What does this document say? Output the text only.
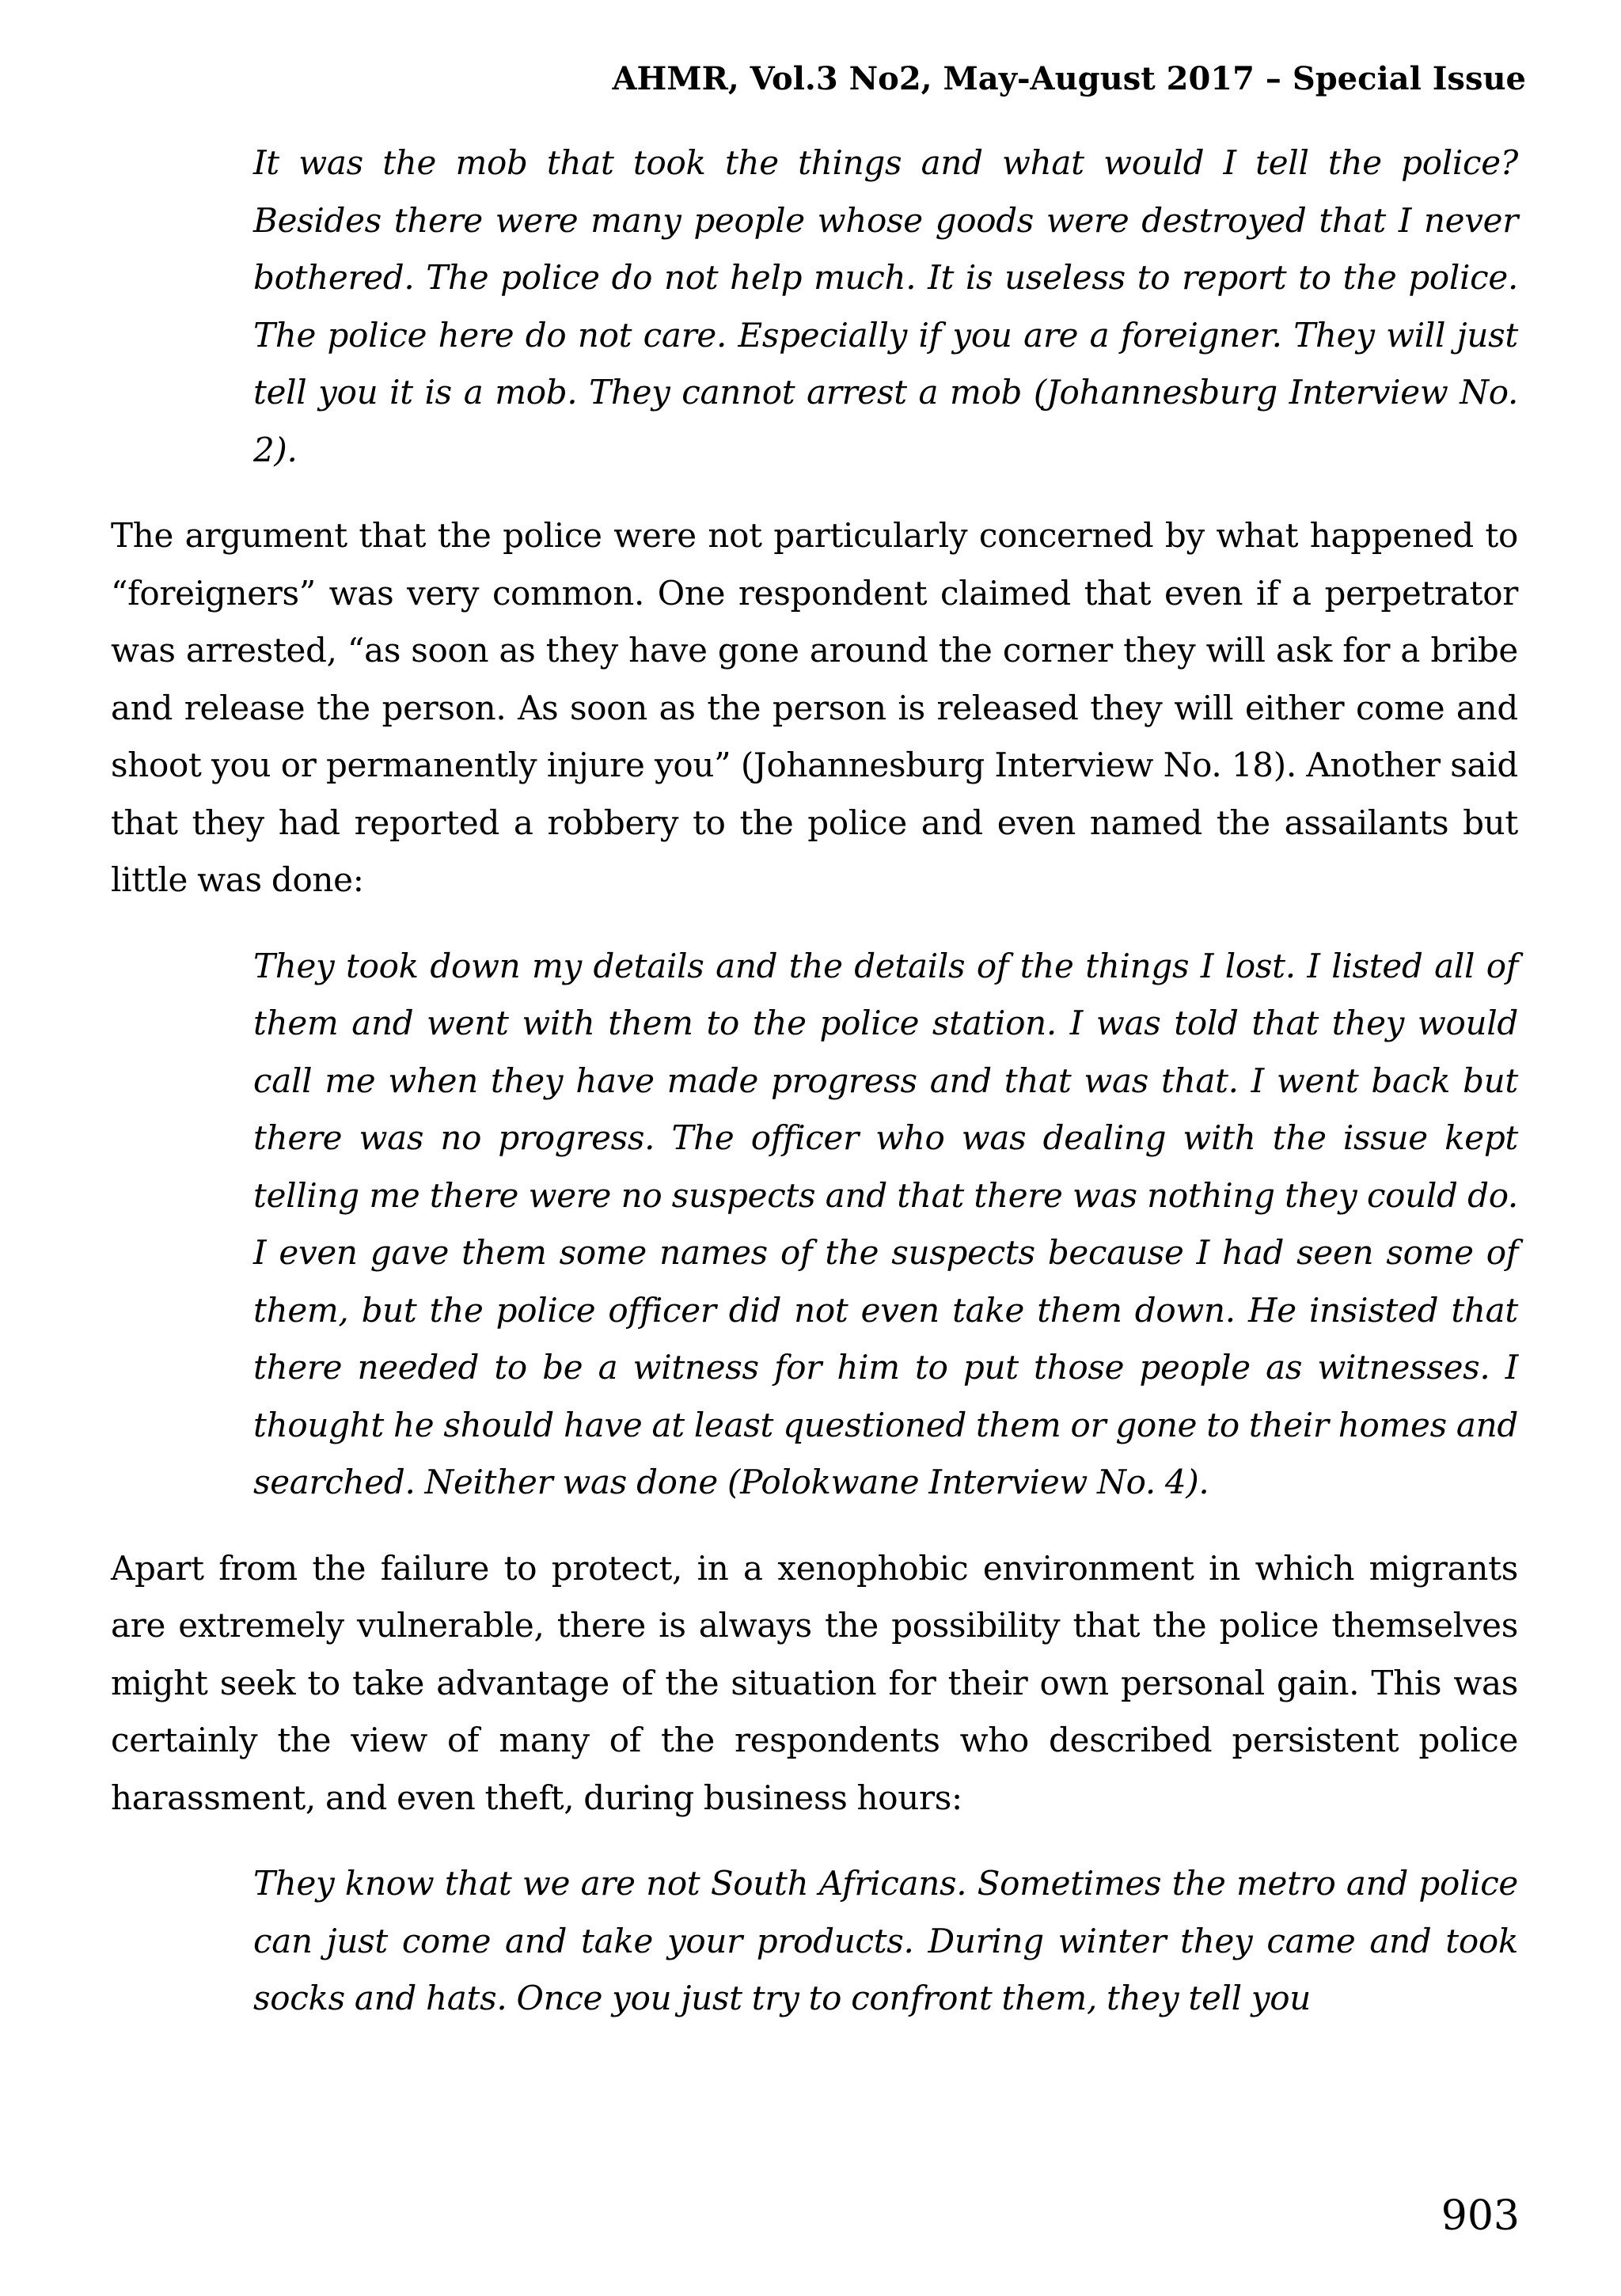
AHMR, Vol.3 No2, May-August 2017 – Special Issue

It was the mob that took the things and what would I tell the police? Besides there were many people whose goods were destroyed that I never bothered. The police do not help much. It is useless to report to the police. The police here do not care. Especially if you are a foreigner. They will just tell you it is a mob. They cannot arrest a mob (Johannesburg Interview No. 2).

The argument that the police were not particularly concerned by what happened to “foreigners” was very common. One respondent claimed that even if a perpetrator was arrested, “as soon as they have gone around the corner they will ask for a bribe and release the person. As soon as the person is released they will either come and shoot you or permanently injure you” (Johannesburg Interview No. 18). Another said that they had reported a robbery to the police and even named the assailants but little was done:

They took down my details and the details of the things I lost. I listed all of them and went with them to the police station. I was told that they would call me when they have made progress and that was that. I went back but there was no progress. The officer who was dealing with the issue kept telling me there were no suspects and that there was nothing they could do. I even gave them some names of the suspects because I had seen some of them, but the police officer did not even take them down. He insisted that there needed to be a witness for him to put those people as witnesses. I thought he should have at least questioned them or gone to their homes and searched. Neither was done (Polokwane Interview No. 4).

Apart from the failure to protect, in a xenophobic environment in which migrants are extremely vulnerable, there is always the possibility that the police themselves might seek to take advantage of the situation for their own personal gain. This was certainly the view of many of the respondents who described persistent police harassment, and even theft, during business hours:

They know that we are not South Africans. Sometimes the metro and police can just come and take your products. During winter they came and took socks and hats. Once you just try to confront them, they tell you

903
